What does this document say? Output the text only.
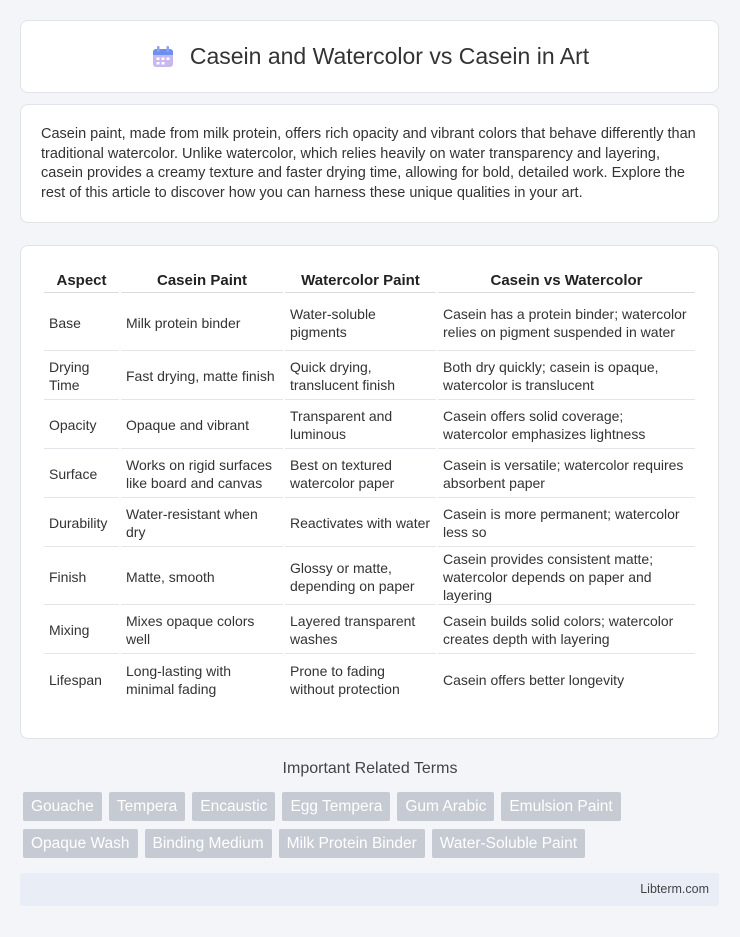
Casein and Watercolor vs Casein in Art

Casein paint, made from milk protein, offers rich opacity and vibrant colors that behave differently than traditional watercolor. Unlike watercolor, which relies heavily on water transparency and layering, casein provides a creamy texture and faster drying time, allowing for bold, detailed work. Explore the rest of this article to discover how you can harness these unique qualities in your art.

Aspect	Casein Paint	Watercolor Paint	Casein vs Watercolor
Base	Milk protein binder	Water-soluble pigments	Casein has a protein binder; watercolor relies on pigment suspended in water
Drying Time	Fast drying, matte finish	Quick drying, translucent finish	Both dry quickly; casein is opaque, watercolor is translucent
Opacity	Opaque and vibrant	Transparent and luminous	Casein offers solid coverage; watercolor emphasizes lightness
Surface	Works on rigid surfaces like board and canvas	Best on textured watercolor paper	Casein is versatile; watercolor requires absorbent paper
Durability	Water-resistant when dry	Reactivates with water	Casein is more permanent; watercolor less so
Finish	Matte, smooth	Glossy or matte, depending on paper	Casein provides consistent matte; watercolor depends on paper and layering
Mixing	Mixes opaque colors well	Layered transparent washes	Casein builds solid colors; watercolor creates depth with layering
Lifespan	Long-lasting with minimal fading	Prone to fading without protection	Casein offers better longevity
Important Related Terms
Gouache	Tempera	Encaustic	Egg Tempera	Gum Arabic	Emulsion Paint
Opaque Wash	Binding Medium	Milk Protein Binder	Water-Soluble Paint
Libterm.com
